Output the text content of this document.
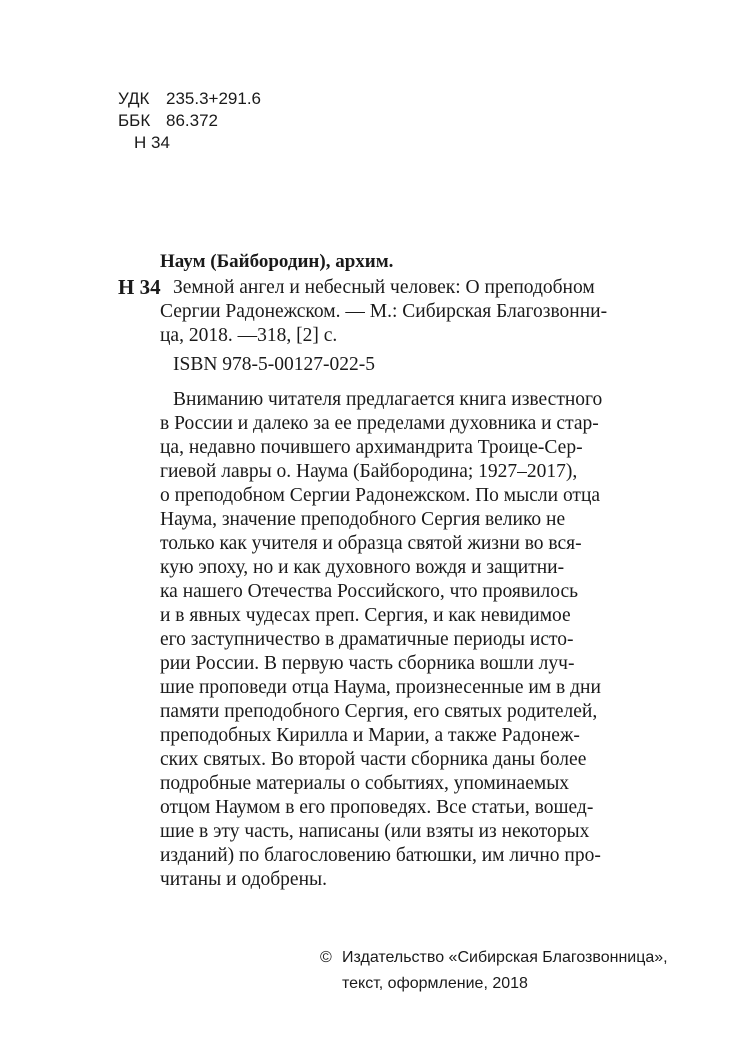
УДК 235.3+291.6
ББК 86.372
Н 34
Наум (Байбородин), архим.
Н 34 Земной ангел и небесный человек: О преподобном
Сергии Радонежском. — М.: Сибирская Благозвонни-
ца, 2018. —318, [2] с.
ISBN 978-5-00127-022-5
Вниманию читателя предлагается книга известного
в России и далеко за ее пределами духовника и стар-
ца, недавно почившего архимандрита Троице-Сер-
гиевой лавры о. Наума (Байбородина; 1927–2017),
о преподобном Сергии Радонежском. По мысли отца
Наума, значение преподобного Сергия велико не
только как учителя и образца святой жизни во вся-
кую эпоху, но и как духовного вождя и защитни-
ка нашего Отечества Российского, что проявилось
и в явных чудесах преп. Сергия, и как невидимое
его заступничество в драматичные периоды исто-
рии России. В первую часть сборника вошли луч-
шие проповеди отца Наума, произнесенные им в дни
памяти преподобного Сергия, его святых родителей,
преподобных Кирилла и Марии, а также Радонеж-
ских святых. Во второй части сборника даны более
подробные материалы о событиях, упоминаемых
отцом Наумом в его проповедях. Все статьи, вошед-
шие в эту часть, написаны (или взяты из некоторых
изданий) по благословению батюшки, им лично про-
читаны и одобрены.
© Издательство «Сибирская Благозвонница»,
текст, оформление, 2018
